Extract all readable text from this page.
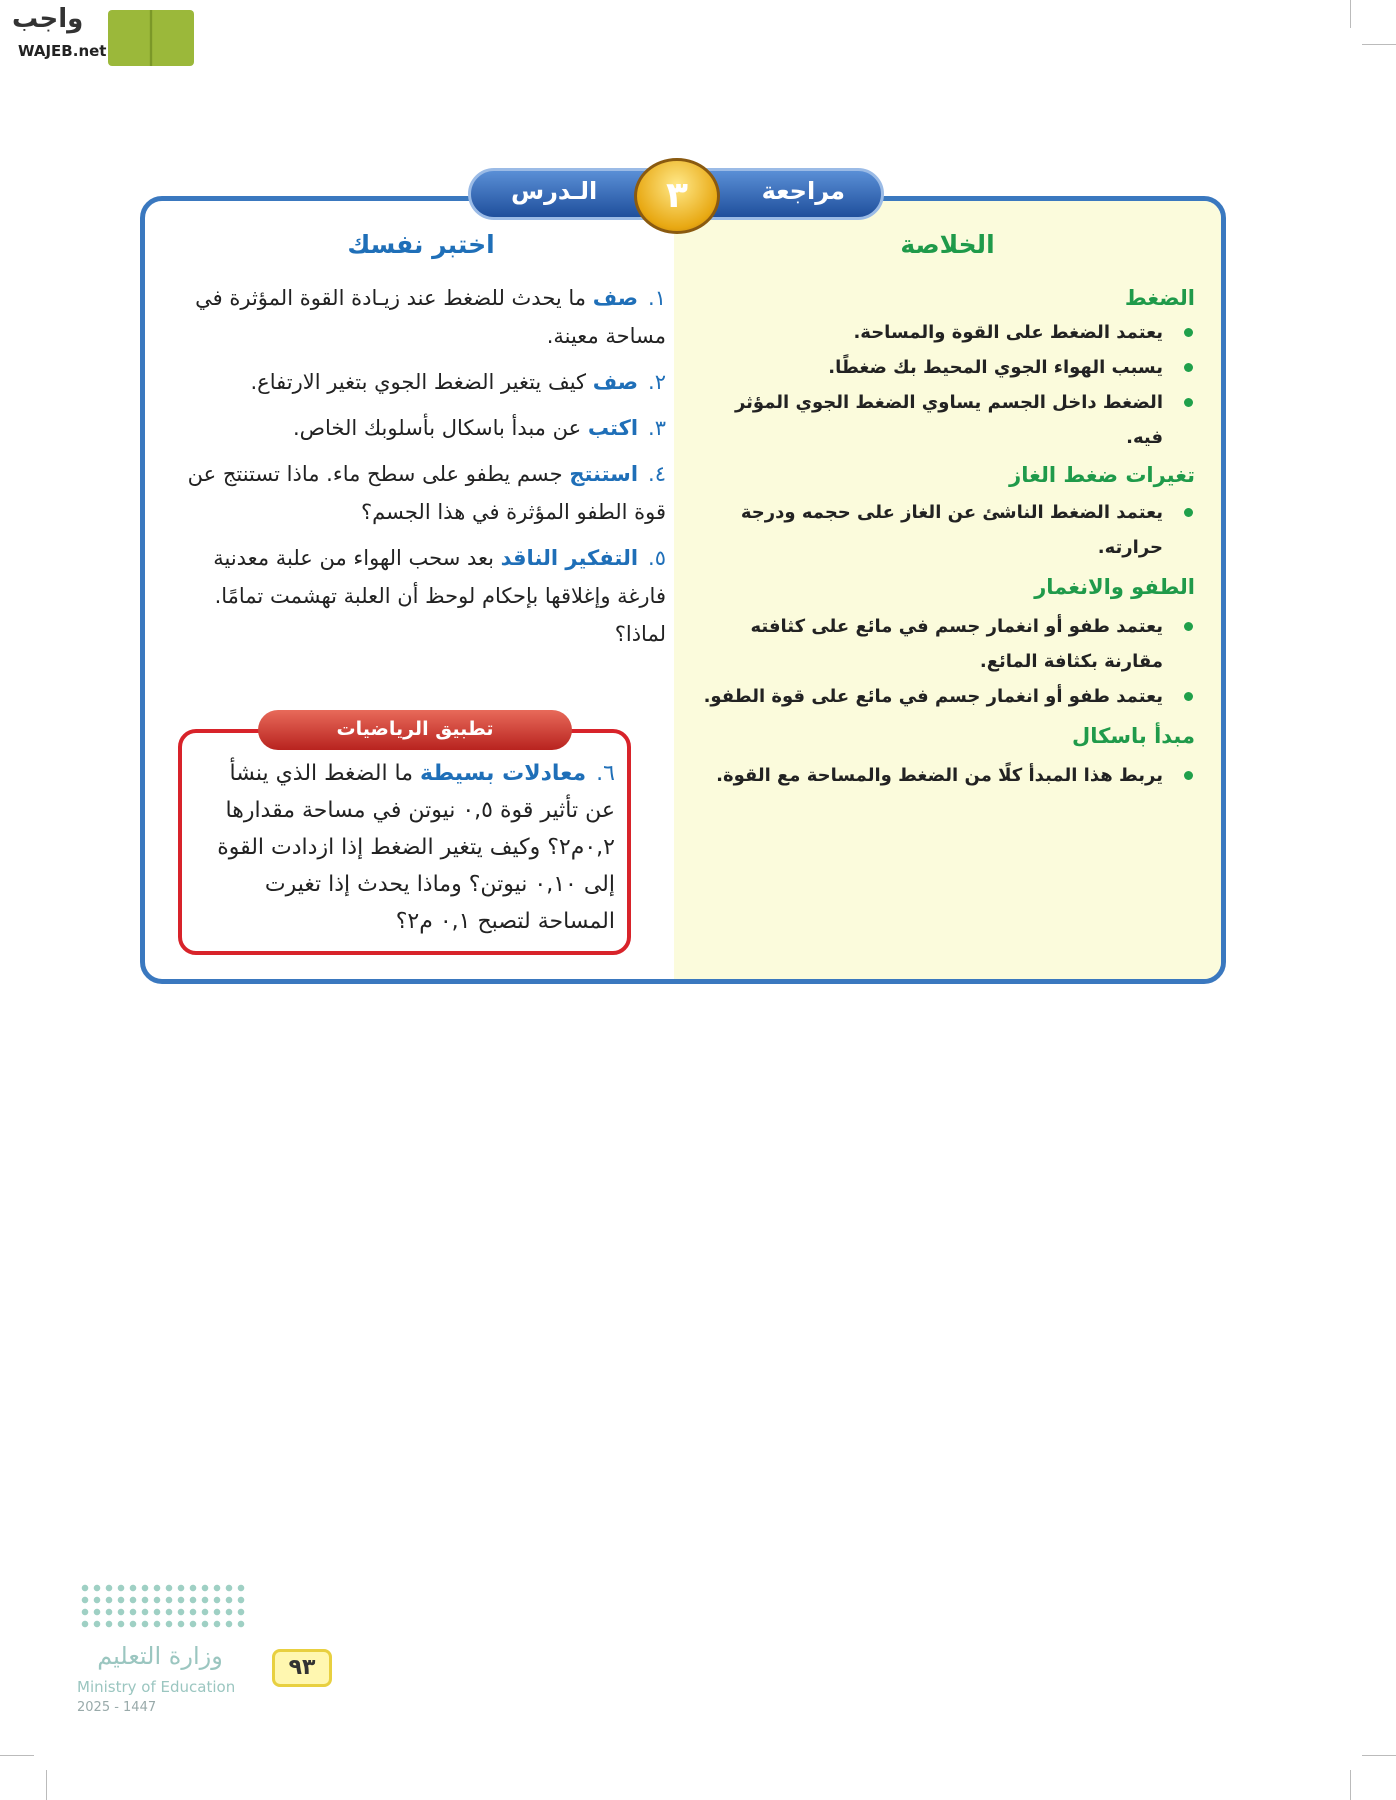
واجب
WAJEB.net
الـدرس	مراجعة
٣
الخلاصة
الضغط
يعتمد الضغط على القوة والمساحة.
يسبب الهواء الجوي المحيط بك ضغطًا.
الضغط داخل الجسم يساوي الضغط الجوي المؤثر فيه.
تغيرات ضغط الغاز
يعتمد الضغط الناشئ عن الغاز على حجمه ودرجة حرارته.
الطفو والانغمار
يعتمد طفو أو انغمار جسم في مائع على كثافته مقارنة بكثافة المائع.
يعتمد طفو أو انغمار جسم في مائع على قوة الطفو.
مبدأ باسكال
يربط هذا المبدأ كلًا من الضغط والمساحة مع القوة.
اختبر نفسك
١.صف ما يحدث للضغط عند زيـادة القوة المؤثرة في مساحة معينة.
٢.صف كيف يتغير الضغط الجوي بتغير الارتفاع.
٣.اكتب عن مبدأ باسكال بأسلوبك الخاص.
٤.استنتج جسم يطفو على سطح ماء. ماذا تستنتج عن قوة الطفو المؤثرة في هذا الجسم؟
٥.التفكير الناقد بعد سحب الهواء من علبة معدنية فارغة وإغلاقها بإحكام لوحظ أن العلبة تهشمت تمامًا. لماذا؟
٦.معادلات بسيطة ما الضغط الذي ينشأ عن تأثير قوة ٠,٥ نيوتن في مساحة مقدارها ٠,٢م٢؟ وكيف يتغير الضغط إذا ازدادت القوة إلى ٠,١٠ نيوتن؟ وماذا يحدث إذا تغيرت المساحة لتصبح ٠,١ م٢؟
تطبيق الرياضيات
وزارة التعليم
Ministry of Education
2025 - 1447
٩٣
